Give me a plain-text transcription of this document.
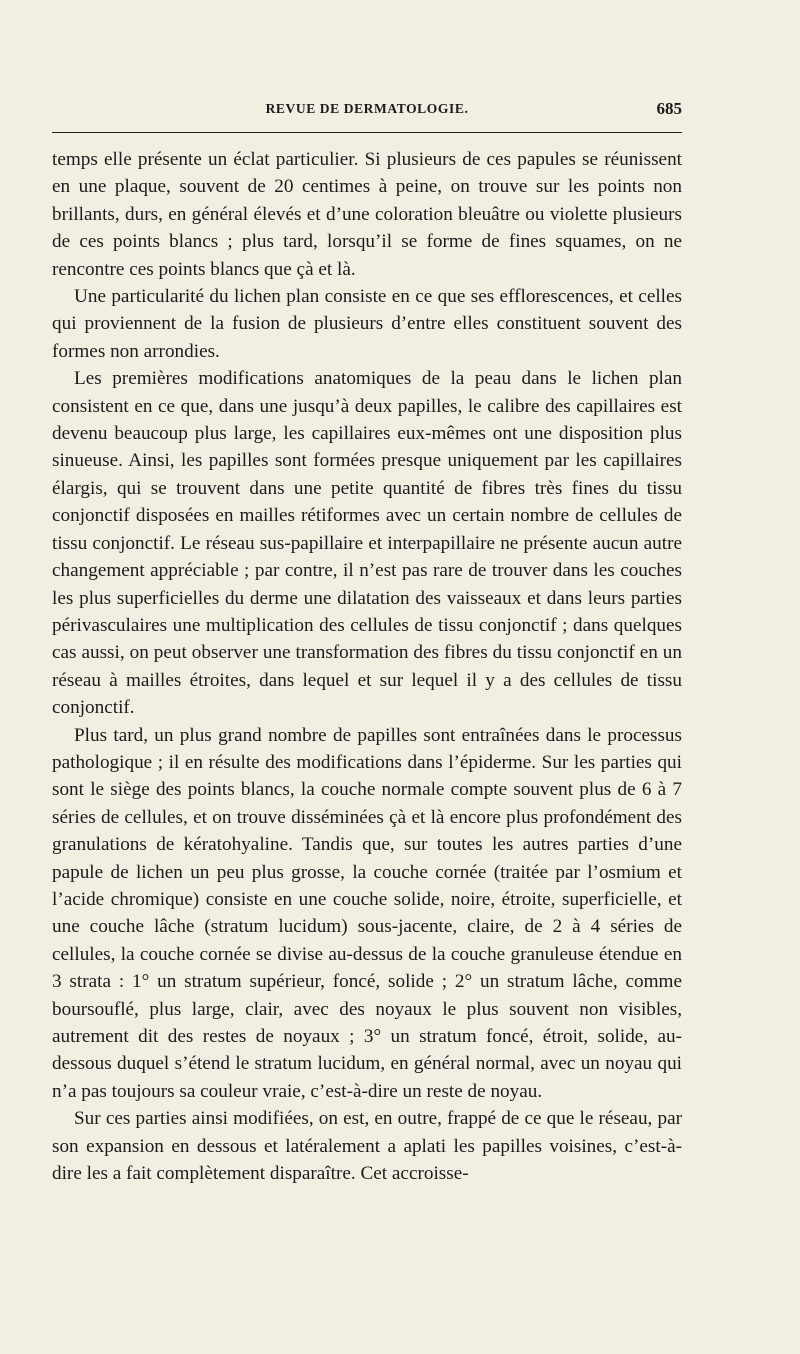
REVUE DE DERMATOLOGIE.	685

temps elle présente un éclat particulier. Si plusieurs de ces papules se réunissent en une plaque, souvent de 20 centimes à peine, on trouve sur les points non brillants, durs, en général élevés et d’une coloration bleuâtre ou violette plusieurs de ces points blancs ; plus tard, lorsqu’il se forme de fines squames, on ne rencontre ces points blancs que çà et là.

Une particularité du lichen plan consiste en ce que ses efflorescences, et celles qui proviennent de la fusion de plusieurs d’entre elles constituent souvent des formes non arrondies.

Les premières modifications anatomiques de la peau dans le lichen plan consistent en ce que, dans une jusqu’à deux papilles, le calibre des capillaires est devenu beaucoup plus large, les capillaires eux-mêmes ont une disposition plus sinueuse. Ainsi, les papilles sont formées presque uniquement par les capillaires élargis, qui se trouvent dans une petite quantité de fibres très fines du tissu conjonctif disposées en mailles rétiformes avec un certain nombre de cellules de tissu conjonctif. Le réseau sus-papillaire et interpapillaire ne présente aucun autre changement appréciable ; par contre, il n’est pas rare de trouver dans les couches les plus superficielles du derme une dilatation des vaisseaux et dans leurs parties périvasculaires une multiplication des cellules de tissu conjonctif ; dans quelques cas aussi, on peut observer une transformation des fibres du tissu conjonctif en un réseau à mailles étroites, dans lequel et sur lequel il y a des cellules de tissu conjonctif.

Plus tard, un plus grand nombre de papilles sont entraînées dans le processus pathologique ; il en résulte des modifications dans l’épiderme. Sur les parties qui sont le siège des points blancs, la couche normale compte souvent plus de 6 à 7 séries de cellules, et on trouve disséminées çà et là encore plus profondément des granulations de kératohyaline. Tandis que, sur toutes les autres parties d’une papule de lichen un peu plus grosse, la couche cornée (traitée par l’osmium et l’acide chromique) consiste en une couche solide, noire, étroite, superficielle, et une couche lâche (stratum lucidum) sous-jacente, claire, de 2 à 4 séries de cellules, la couche cornée se divise au-dessus de la couche granuleuse étendue en 3 strata : 1° un stratum supérieur, foncé, solide ; 2° un stratum lâche, comme boursouflé, plus large, clair, avec des noyaux le plus souvent non visibles, autrement dit des restes de noyaux ; 3° un stratum foncé, étroit, solide, au-dessous duquel s’étend le stratum lucidum, en général normal, avec un noyau qui n’a pas toujours sa couleur vraie, c’est-à-dire un reste de noyau.

Sur ces parties ainsi modifiées, on est, en outre, frappé de ce que le réseau, par son expansion en dessous et latéralement a aplati les papilles voisines, c’est-à-dire les a fait complètement disparaître. Cet accroisse-
